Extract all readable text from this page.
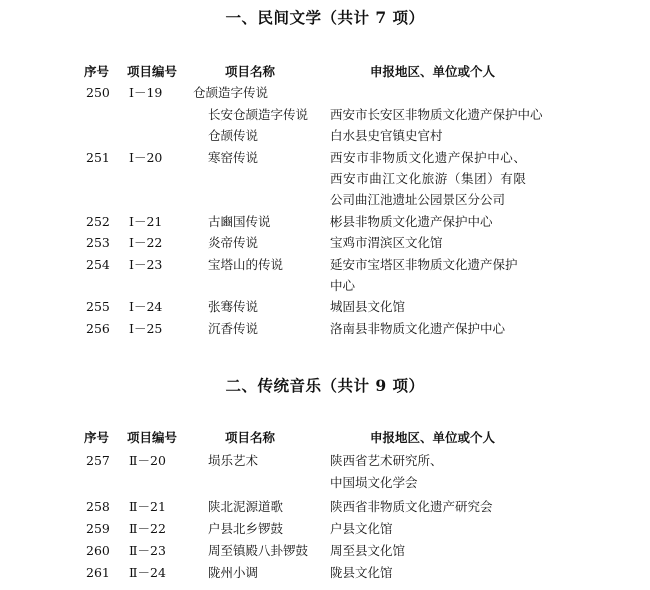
一、民间文学（共计 7 项）
序号 项目编号	项目名称	申报地区、单位或个人
250 Ⅰ－19 仓颉造字传说
长安仓颉造字传说 西安市长安区非物质文化遗产保护中心
仓颉传说	白水县史官镇史官村
251 Ⅰ－20	寒窑传说	西安市非物质文化遗产保护中心、
西安市曲江文化旅游（集团）有限
公司曲江池遗址公园景区分公司
252 Ⅰ－21	古豳国传说	彬县非物质文化遗产保护中心
253 Ⅰ－22	炎帝传说	宝鸡市渭滨区文化馆
254 Ⅰ－23	宝塔山的传说	延安市宝塔区非物质文化遗产保护
中心
255 Ⅰ－24	张骞传说	城固县文化馆
256 Ⅰ－25	沉香传说	洛南县非物质文化遗产保护中心
二、传统音乐（共计 9 项）
序号 项目编号	项目名称	申报地区、单位或个人
257 Ⅱ－20	埙乐艺术	陕西省艺术研究所、
中国埙文化学会
258 Ⅱ－21	陕北泥源道歌	陕西省非物质文化遗产研究会
259 Ⅱ－22	户县北乡锣鼓	户县文化馆
260 Ⅱ－23	周至镇殿八卦锣鼓 周至县文化馆
261 Ⅱ－24	陇州小调	陇县文化馆
